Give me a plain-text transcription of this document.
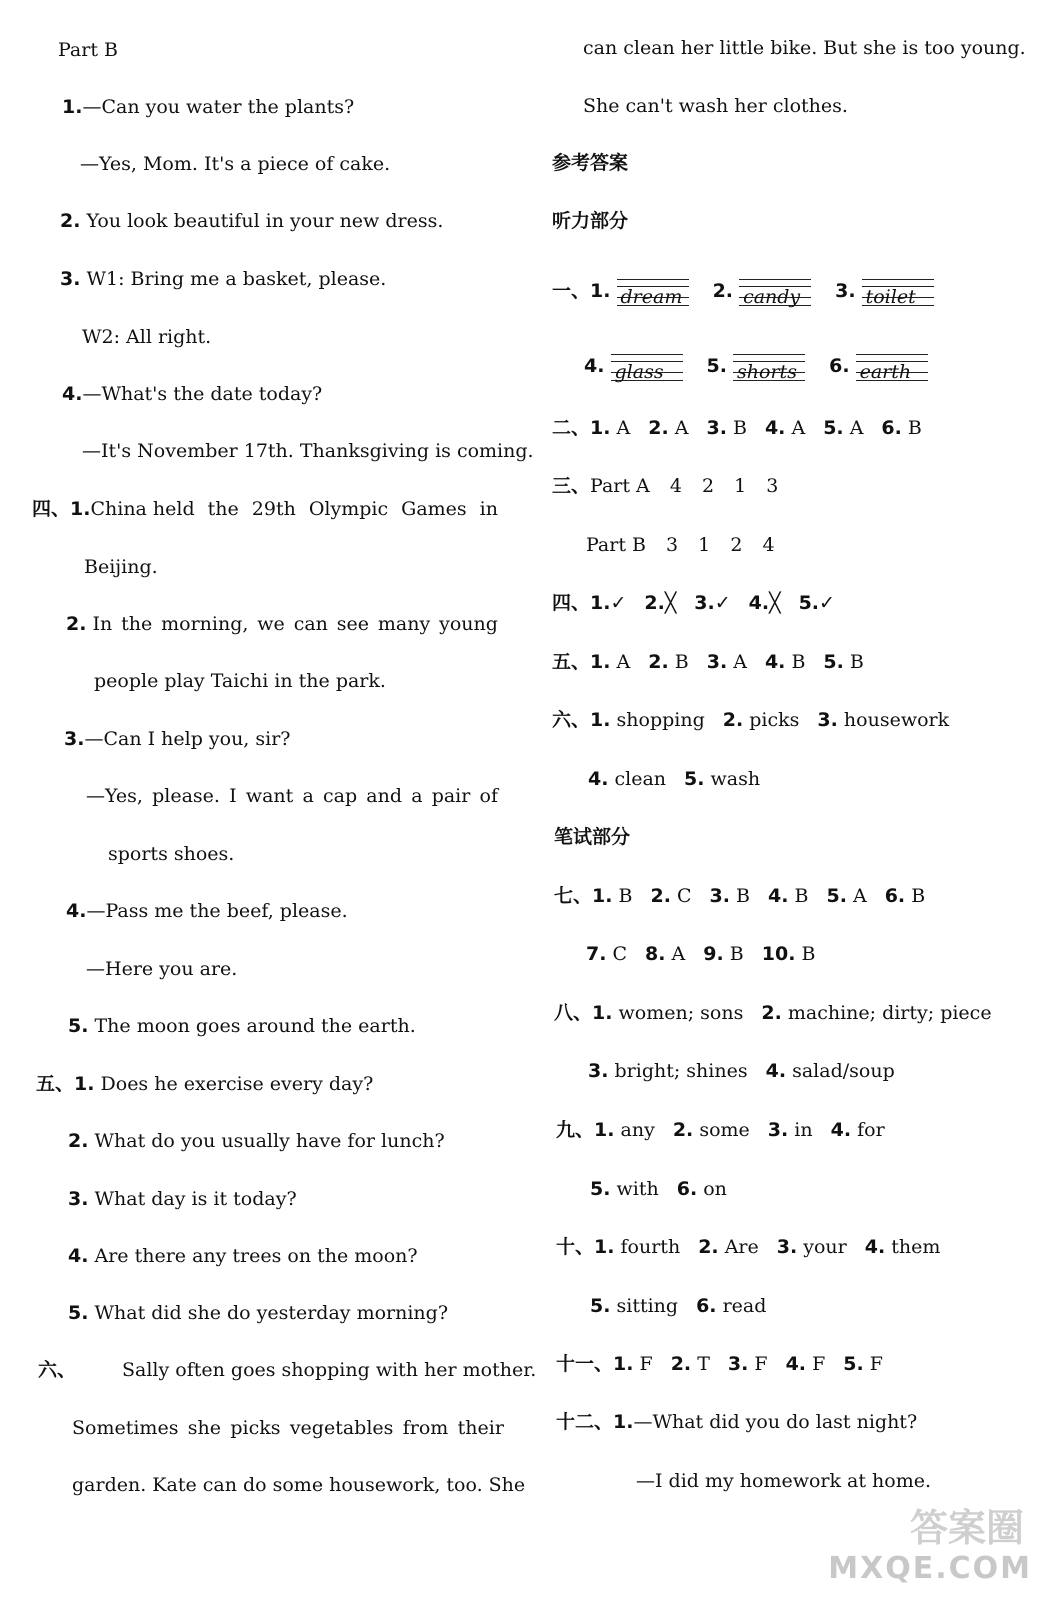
Part B
1.—Can you water the plants?
—Yes, Mom. It's a piece of cake.
2. You look beautiful in your new dress.
3. W1: Bring me a basket, please.
W2: All right.
4.—What's the date today?
—It's November 17th. Thanksgiving is coming.
四、1.China held the 29th Olympic Games in
Beijing.
2. In the morning, we can see many young
people play Taichi in the park.
3.—Can I help you, sir?
—Yes, please. I want a cap and a pair of
sports shoes.
4.—Pass me the beef, please.
—Here you are.
5. The moon goes around the earth.
五、1. Does he exercise every day?
2. What do you usually have for lunch?
3. What day is it today?
4. Are there any trees on the moon?
5. What did she do yesterday morning?
六、 Sally often goes shopping with her mother.
Sometimes she picks vegetables from their
garden. Kate can do some housework, too. She
can clean her little bike. But she is too young.
She can't wash her clothes.
参考答案
听力部分
一、1. dream 2. candy 3. toilet
4. glass 5. shorts 6. earth
二、1. A 2. A 3. B 4. A 5. A 6. B
三、Part A 4 2 1 3
Part B 3 1 2 4
四、1.✓ 2.╳ 3.✓ 4.╳ 5.✓
五、1. A 2. B 3. A 4. B 5. B
六、1. shopping 2. picks 3. housework
4. clean 5. wash
笔试部分
七、1. B 2. C 3. B 4. B 5. A 6. B
7. C 8. A 9. B 10. B
八、1. women; sons 2. machine; dirty; piece
3. bright; shines 4. salad/soup
九、1. any 2. some 3. in 4. for
5. with 6. on
十、1. fourth 2. Are 3. your 4. them
5. sitting 6. read
十一、1. F 2. T 3. F 4. F 5. F
十二、1.—What did you do last night?
—I did my homework at home.
答案圈
MXQE.COM
